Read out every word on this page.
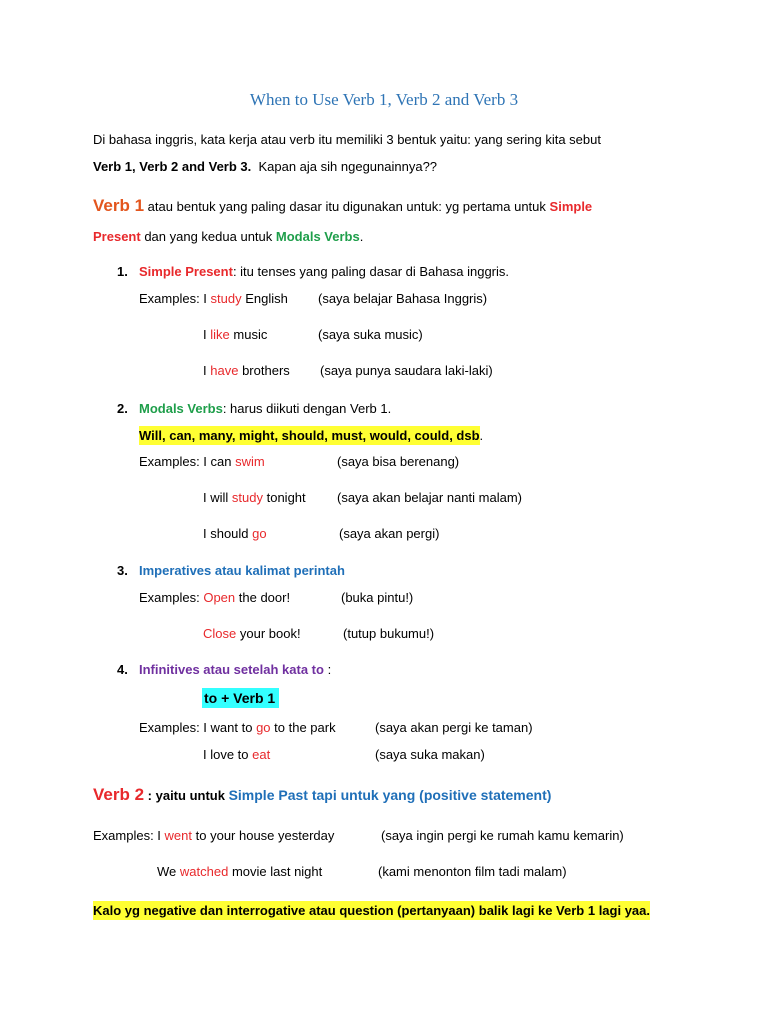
When to Use Verb 1, Verb 2 and Verb 3
Di bahasa inggris, kata kerja atau verb itu memiliki 3 bentuk yaitu: yang sering kita sebut
Verb 1, Verb 2 and Verb 3. Kapan aja sih ngegunainnya??
Verb 1 atau bentuk yang paling dasar itu digunakan untuk: yg pertama untuk Simple
Present dan yang kedua untuk Modals Verbs.
1. Simple Present: itu tenses yang paling dasar di Bahasa inggris.
Examples: I study English (saya belajar Bahasa Inggris)
I like music	(saya suka music)
I have brothers (saya punya saudara laki-laki)
2. Modals Verbs: harus diikuti dengan Verb 1.
Will, can, many, might, should, must, would, could, dsb.
Examples: I can swim	(saya bisa berenang)
I will study tonight (saya akan belajar nanti malam)
I should go	(saya akan pergi)
3. Imperatives atau kalimat perintah
Examples: Open the door!	(buka pintu!)
Close your book!	(tutup bukumu!)
4. Infinitives atau setelah kata to :
to + Verb 1
Examples: I want to go to the park	(saya akan pergi ke taman)
I love to eat	(saya suka makan)
Verb 2 : yaitu untuk Simple Past tapi untuk yang (positive statement)
Examples: I went to your house yesterday	(saya ingin pergi ke rumah kamu kemarin)
We watched movie last night	(kami menonton film tadi malam)
Kalo yg negative dan interrogative atau question (pertanyaan) balik lagi ke Verb 1 lagi yaa.
